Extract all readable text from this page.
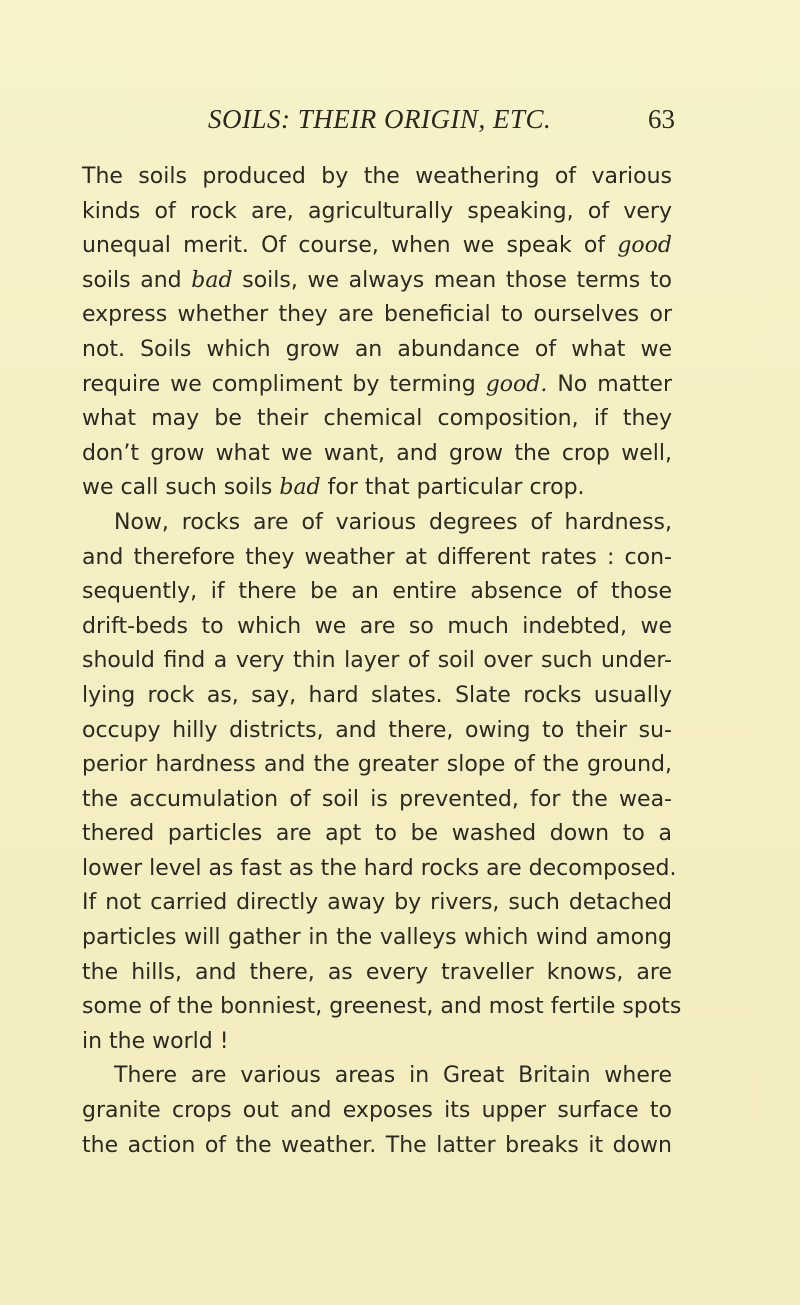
SOILS: THEIR ORIGIN, ETC.	63
The soils produced by the weathering of various
kinds of rock are, agriculturally speaking, of very
unequal merit. Of course, when we speak of good
soils and bad soils, we always mean those terms to
express whether they are beneficial to ourselves or
not. Soils which grow an abundance of what we
require we compliment by terming good. No matter
what may be their chemical composition, if they
don’t grow what we want, and grow the crop well,
we call such soils bad for that particular crop.
Now, rocks are of various degrees of hardness,
and therefore they weather at different rates : con-
sequently, if there be an entire absence of those
drift-beds to which we are so much indebted, we
should find a very thin layer of soil over such under-
lying rock as, say, hard slates. Slate rocks usually
occupy hilly districts, and there, owing to their su-
perior hardness and the greater slope of the ground,
the accumulation of soil is prevented, for the wea-
thered particles are apt to be washed down to a
lower level as fast as the hard rocks are decomposed.
If not carried directly away by rivers, such detached
particles will gather in the valleys which wind among
the hills, and there, as every traveller knows, are
some of the bonniest, greenest, and most fertile spots
in the world !
There are various areas in Great Britain where
granite crops out and exposes its upper surface to
the action of the weather. The latter breaks it down
